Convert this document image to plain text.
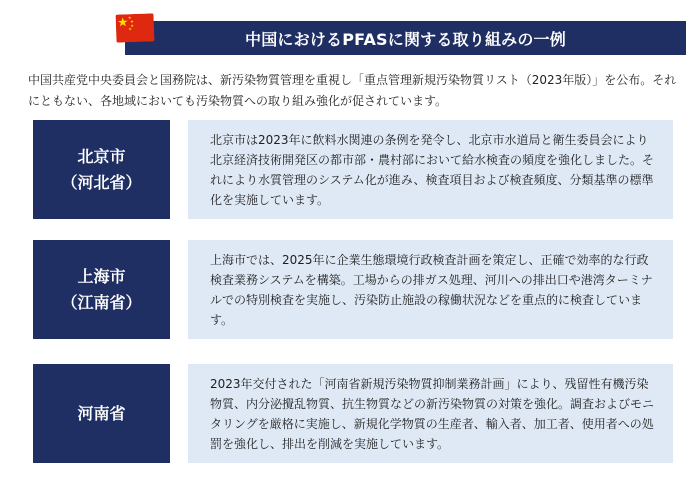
中国におけるPFASに関する取り組みの一例
中国共産党中央委員会と国務院は、新汚染物質管理を重視し「重点管理新規汚染物質リスト（2023年版）」を公布。それにともない、各地域においても汚染物質への取り組み強化が促されています。
北京市
（河北省）
北京市は2023年に飲料水関連の条例を発令し、北京市水道局と衛生委員会により北京経済技術開発区の都市部・農村部において給水検査の頻度を強化しました。それにより水質管理のシステム化が進み、検査項目および検査頻度、分類基準の標準化を実施しています。
上海市
（江南省）
上海市では、2025年に企業生態環境行政検査計画を策定し、正確で効率的な行政検査業務システムを構築。工場からの排ガス処理、河川への排出口や港湾ターミナルでの特別検査を実施し、汚染防止施設の稼働状況などを重点的に検査しています。
河南省
2023年交付された「河南省新規汚染物質抑制業務計画」により、残留性有機汚染物質、内分泌攪乱物質、抗生物質などの新汚染物質の対策を強化。調査およびモニタリングを厳格に実施し、新規化学物質の生産者、輸入者、加工者、使用者への処罰を強化し、排出を削減を実施しています。
